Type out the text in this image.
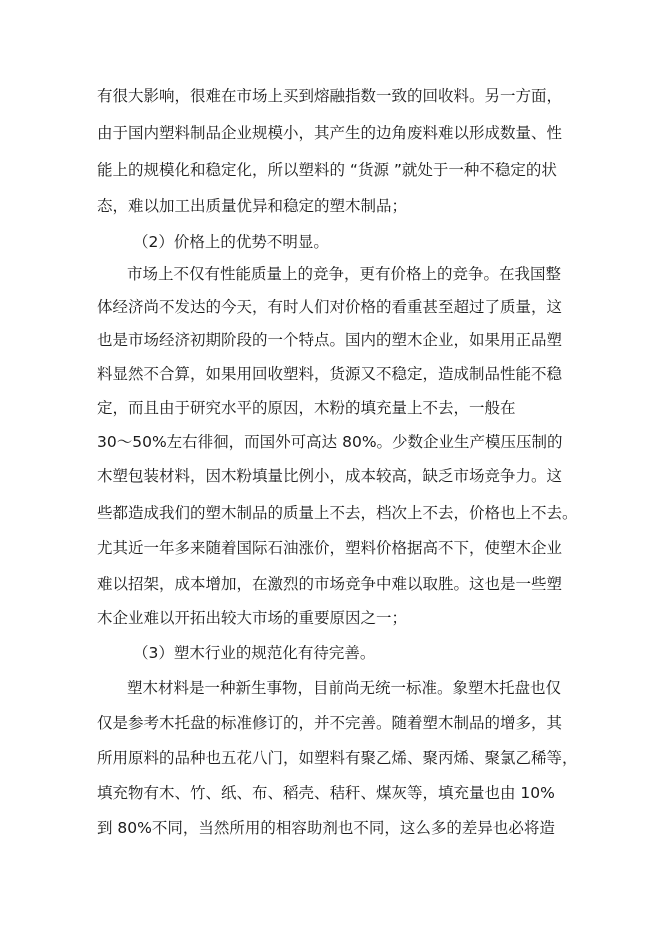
有很大影响，很难在市场上买到熔融指数一致的回收料。另一方面，

由于国内塑料制品企业规模小，其产生的边角废料难以形成数量、性

能上的规模化和稳定化，所以塑料的 “货源 ”就处于一种不稳定的状

态，难以加工出质量优异和稳定的塑木制品；

（2）价格上的优势不明显。

市场上不仅有性能质量上的竞争，更有价格上的竞争。在我国整

体经济尚不发达的今天，有时人们对价格的看重甚至超过了质量，这

也是市场经济初期阶段的一个特点。国内的塑木企业，如果用正品塑

料显然不合算，如果用回收塑料，货源又不稳定，造成制品性能不稳

定，而且由于研究水平的原因，木粉的填充量上不去，一般在

30～50%左右徘徊，而国外可高达 80%。少数企业生产模压压制的

木塑包装材料，因木粉填量比例小，成本较高，缺乏市场竞争力。这

些都造成我们的塑木制品的质量上不去，档次上不去，价格也上不去。

尤其近一年多来随着国际石油涨价，塑料价格据高不下，使塑木企业

难以招架，成本增加，在激烈的市场竞争中难以取胜。这也是一些塑

木企业难以开拓出较大市场的重要原因之一；

（3）塑木行业的规范化有待完善。

塑木材料是一种新生事物，目前尚无统一标准。象塑木托盘也仅

仅是参考木托盘的标准修订的，并不完善。随着塑木制品的增多，其

所用原料的品种也五花八门，如塑料有聚乙烯、聚丙烯、聚氯乙稀等，

填充物有木、竹、纸、布、稻壳、秸秆、煤灰等，填充量也由 10%

到 80%不同，当然所用的相容助剂也不同，这么多的差异也必将造
